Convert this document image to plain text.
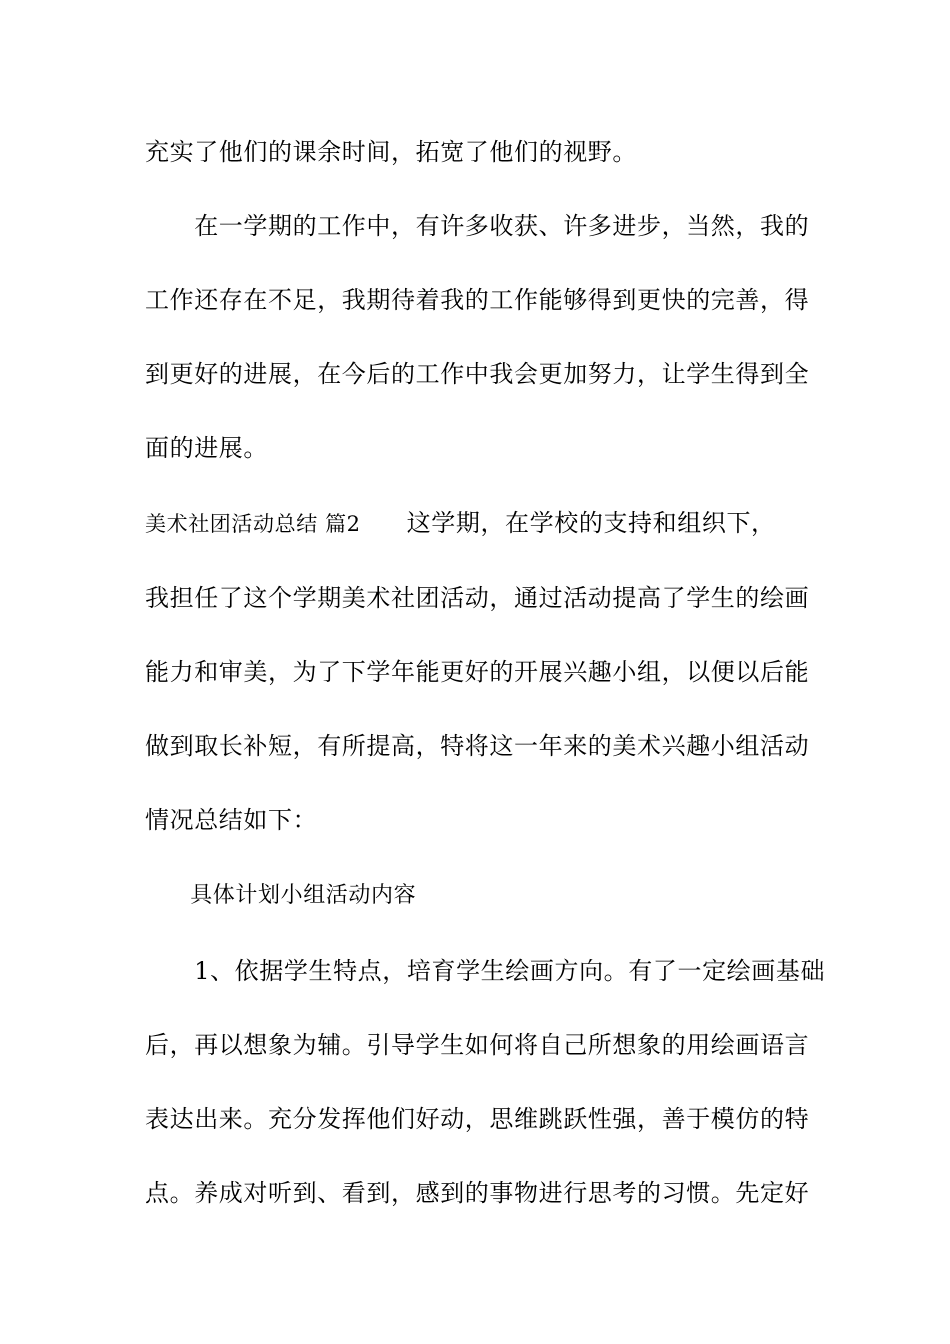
充实了他们的课余时间，拓宽了他们的视野。
　　在一学期的工作中，有许多收获、许多进步，当然，我的
工作还存在不足，我期待着我的工作能够得到更快的完善，得
到更好的进展，在今后的工作中我会更加努力，让学生得到全
面的进展。
美术社团活动总结 篇2 这学期，在学校的支持和组织下，
我担任了这个学期美术社团活动，通过活动提高了学生的绘画
能力和审美，为了下学年能更好的开展兴趣小组，以便以后能
做到取长补短，有所提高，特将这一年来的美术兴趣小组活动
情况总结如下：
　　具体计划小组活动内容
　　1、依据学生特点，培育学生绘画方向。有了一定绘画基础
后，再以想象为辅。引导学生如何将自己所想象的用绘画语言
表达出来。充分发挥他们好动，思维跳跃性强，善于模仿的特
点。养成对听到、看到，感到的事物进行思考的习惯。先定好
